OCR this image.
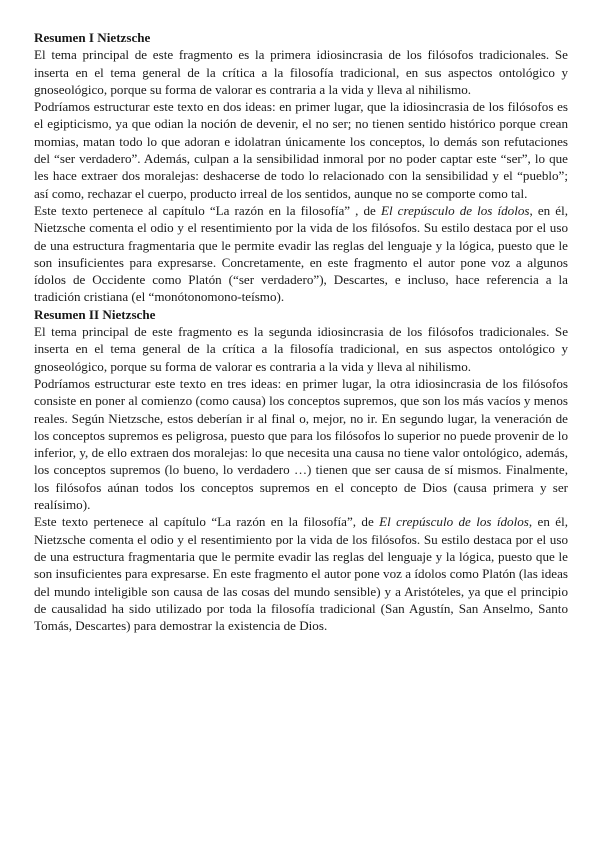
Resumen I Nietzsche

El tema principal de este fragmento es la primera idiosincrasia de los filósofos tradicionales. Se inserta en el tema general de la crítica a la filosofía tradicional, en sus aspectos ontológico y gnoseológico, porque su forma de valorar es contraria a la vida y lleva al nihilismo.

Podríamos estructurar este texto en dos ideas: en primer lugar, que la idiosincrasia de los filósofos es el egipticismo, ya que odian la noción de devenir, el no ser; no tienen sentido histórico porque crean momias, matan todo lo que adoran e idolatran únicamente los conceptos, lo demás son refutaciones del “ser verdadero”. Además, culpan a la sensibilidad inmoral por no poder captar este “ser”, lo que les hace extraer dos moralejas: deshacerse de todo lo relacionado con la sensibilidad y el “pueblo”; así como, rechazar el cuerpo, producto irreal de los sentidos, aunque no se comporte como tal.

Este texto pertenece al capítulo “La razón en la filosofía” , de El crepúsculo de los ídolos, en él, Nietzsche comenta el odio y el resentimiento por la vida de los filósofos. Su estilo destaca por el uso de una estructura fragmentaria que le permite evadir las reglas del lenguaje y la lógica, puesto que le son insuficientes para expresarse. Concretamente, en este fragmento el autor pone voz a algunos ídolos de Occidente como Platón (“ser verdadero”), Descartes, e incluso, hace referencia a la tradición cristiana (el “monótonomono-teísmo).

Resumen II Nietzsche

El tema principal de este fragmento es la segunda idiosincrasia de los filósofos tradicionales. Se inserta en el tema general de la crítica a la filosofía tradicional, en sus aspectos ontológico y gnoseológico, porque su forma de valorar es contraria a la vida y lleva al nihilismo.

Podríamos estructurar este texto en tres ideas: en primer lugar, la otra idiosincrasia de los filósofos consiste en poner al comienzo (como causa) los conceptos supremos, que son los más vacíos y menos reales. Según Nietzsche, estos deberían ir al final o, mejor, no ir. En segundo lugar, la veneración de los conceptos supremos es peligrosa, puesto que para los filósofos lo superior no puede provenir de lo inferior, y, de ello extraen dos moralejas: lo que necesita una causa no tiene valor ontológico, además, los conceptos supremos (lo bueno, lo verdadero …) tienen que ser causa de sí mismos. Finalmente, los filósofos aúnan todos los conceptos supremos en el concepto de Dios (causa primera y ser realísimo).

Este texto pertenece al capítulo “La razón en la filosofía”, de El crepúsculo de los ídolos, en él, Nietzsche comenta el odio y el resentimiento por la vida de los filósofos. Su estilo destaca por el uso de una estructura fragmentaria que le permite evadir las reglas del lenguaje y la lógica, puesto que le son insuficientes para expresarse. En este fragmento el autor pone voz a ídolos como Platón (las ideas del mundo inteligible son causa de las cosas del mundo sensible) y a Aristóteles, ya que el principio de causalidad ha sido utilizado por toda la filosofía tradicional (San Agustín, San Anselmo, Santo Tomás, Descartes) para demostrar la existencia de Dios.
